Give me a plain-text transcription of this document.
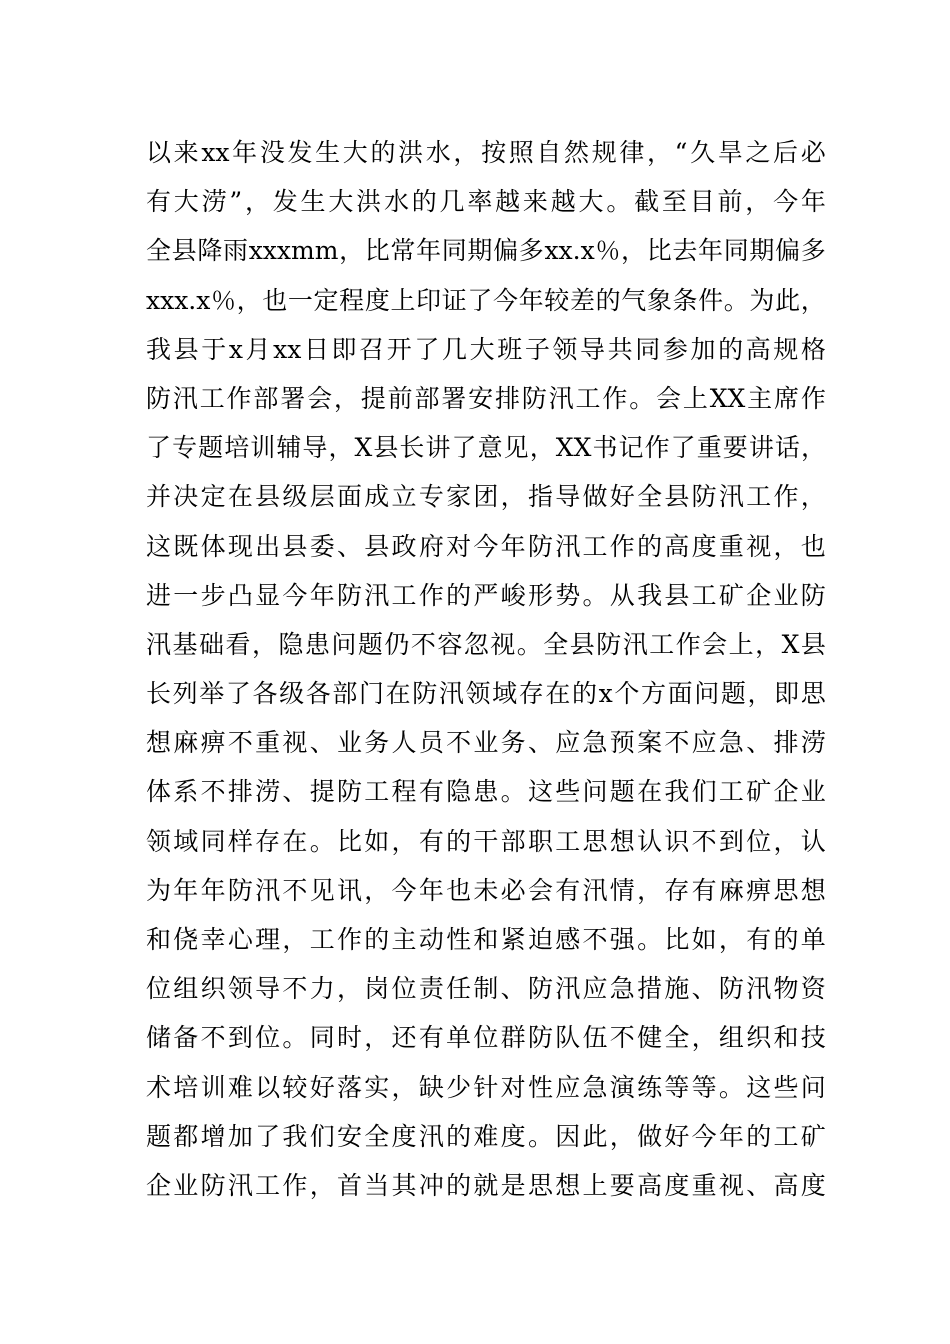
以 来 xx 年 没 发 生 大 的 洪 水 ， 按 照 自 然 规 律 ， “ 久 旱 之 后 必
有 大 涝 ” ， 发 生 大 洪 水 的 几 率 越 来 越 大 。 截 至 目 前 ， 今 年
全 县 降 雨 xxxmm ， 比 常 年 同 期 偏 多 xx.x ％ ， 比 去 年 同 期 偏 多
xxx.x ％ ， 也 一 定 程 度 上 印 证 了 今 年 较 差 的 气 象 条 件 。 为 此 ，
我 县 于 x 月 xx 日 即 召 开 了 几 大 班 子 领 导 共 同 参 加 的 高 规 格
防 汛 工 作 部 署 会 ， 提 前 部 署 安 排 防 汛 工 作 。 会 上 XX 主 席 作
了 专 题 培 训 辅 导 ， X 县 长 讲 了 意 见 ， XX 书 记 作 了 重 要 讲 话 ，
并 决 定 在 县 级 层 面 成 立 专 家 团 ， 指 导 做 好 全 县 防 汛 工 作 ，
这 既 体 现 出 县 委 、 县 政 府 对 今 年 防 汛 工 作 的 高 度 重 视 ， 也
进 一 步 凸 显 今 年 防 汛 工 作 的 严 峻 形 势 。 从 我 县 工 矿 企 业 防
汛 基 础 看 ， 隐 患 问 题 仍 不 容 忽 视 。 全 县 防 汛 工 作 会 上 ， X 县
长 列 举 了 各 级 各 部 门 在 防 汛 领 域 存 在 的 x 个 方 面 问 题 ， 即 思
想 麻 痹 不 重 视 、 业 务 人 员 不 业 务 、 应 急 预 案 不 应 急 、 排 涝
体 系 不 排 涝 、 提 防 工 程 有 隐 患 。 这 些 问 题 在 我 们 工 矿 企 业
领 域 同 样 存 在 。 比 如 ， 有 的 干 部 职 工 思 想 认 识 不 到 位 ， 认
为 年 年 防 汛 不 见 讯 ， 今 年 也 未 必 会 有 汛 情 ， 存 有 麻 痹 思 想
和 侥 幸 心 理 ， 工 作 的 主 动 性 和 紧 迫 感 不 强 。 比 如 ， 有 的 单
位 组 织 领 导 不 力 ， 岗 位 责 任 制 、 防 汛 应 急 措 施 、 防 汛 物 资
储 备 不 到 位 。 同 时 ， 还 有 单 位 群 防 队 伍 不 健 全 ， 组 织 和 技
术 培 训 难 以 较 好 落 实 ， 缺 少 针 对 性 应 急 演 练 等 等 。 这 些 问
题 都 增 加 了 我 们 安 全 度 汛 的 难 度 。 因 此 ， 做 好 今 年 的 工 矿
企 业 防 汛 工 作 ， 首 当 其 冲 的 就 是 思 想 上 要 高 度 重 视 、 高 度
